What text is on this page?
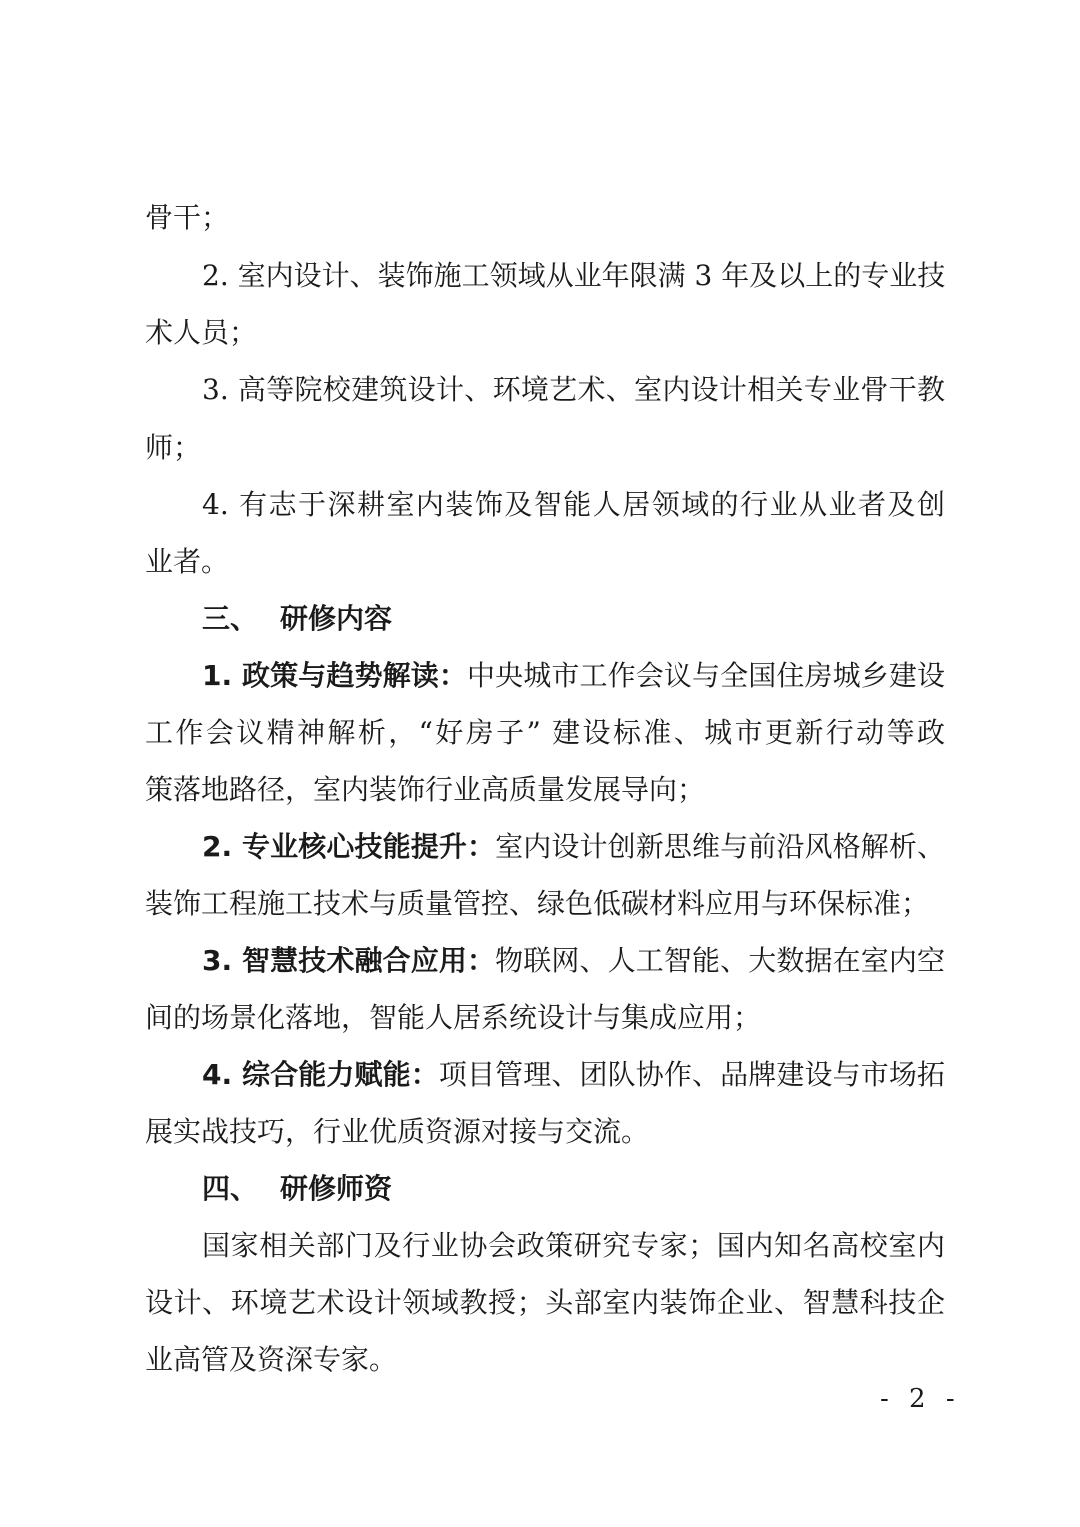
骨干；
2. 室内设计、装饰施工领域从业年限满 3 年及以上的专业技
术人员；
3. 高等院校建筑设计、环境艺术、室内设计相关专业骨干教
师；
4. 有志于深耕室内装饰及智能人居领域的行业从业者及创
业者。
三、 研修内容
1. 政策与趋势解读：中央城市工作会议与全国住房城乡建设
工作会议精神解析，“好房子” 建设标准、城市更新行动等政
策落地路径，室内装饰行业高质量发展导向；
2. 专业核心技能提升：室内设计创新思维与前沿风格解析、
装饰工程施工技术与质量管控、绿色低碳材料应用与环保标准；
3. 智慧技术融合应用：物联网、人工智能、大数据在室内空
间的场景化落地，智能人居系统设计与集成应用；
4. 综合能力赋能：项目管理、团队协作、品牌建设与市场拓
展实战技巧，行业优质资源对接与交流。
四、 研修师资
国家相关部门及行业协会政策研究专家；国内知名高校室内
设计、环境艺术设计领域教授；头部室内装饰企业、智慧科技企
业高管及资深专家。
- 2 -
